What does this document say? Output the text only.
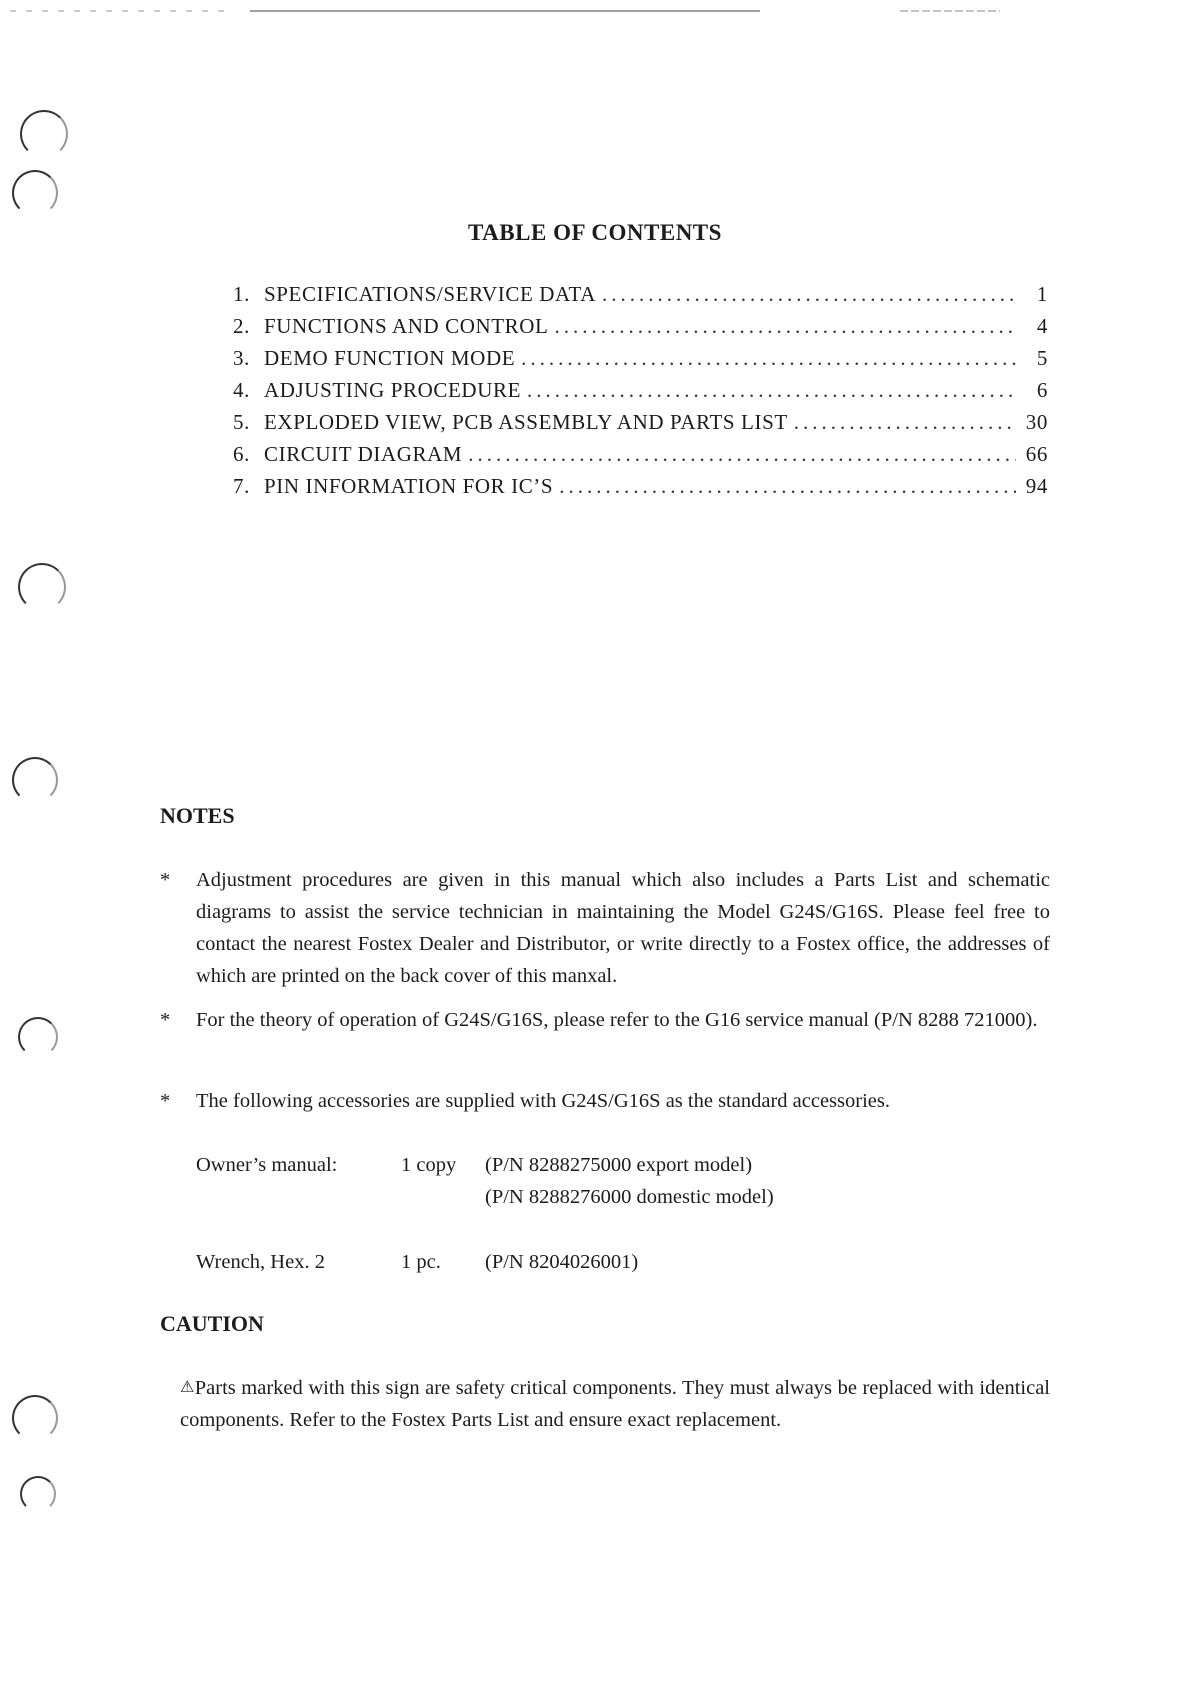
TABLE OF CONTENTS
1. SPECIFICATIONS/SERVICE DATA .....	1
2. FUNCTIONS AND CONTROL .....	4
3. DEMO FUNCTION MODE .....	5
4. ADJUSTING PROCEDURE .....	6
5. EXPLODED VIEW, PCB ASSEMBLY AND PARTS LIST .....	30
6. CIRCUIT DIAGRAM .....	66
7. PIN INFORMATION FOR IC’S .....	94
NOTES
*	Adjustment procedures are given in this manual which also includes a Parts List and schematic diagrams to assist the service technician in maintaining the Model G24S/G16S. Please feel free to contact the nearest Fostex Dealer and Distributor, or write directly to a Fostex office, the addresses of which are printed on the back cover of this manxal.
*	For the theory of operation of G24S/G16S, please refer to the G16 service manual (P/N 8288 721000).
*	The following accessories are supplied with G24S/G16S as the standard accessories.
Owner’s manual:	1 copy	(P/N 8288275000 export model)
(P/N 8288276000 domestic model)
Wrench, Hex. 2	1 pc.	(P/N 8204026001)
CAUTION
⚠Parts marked with this sign are safety critical components. They must always be replaced with identical components. Refer to the Fostex Parts List and ensure exact replacement.
